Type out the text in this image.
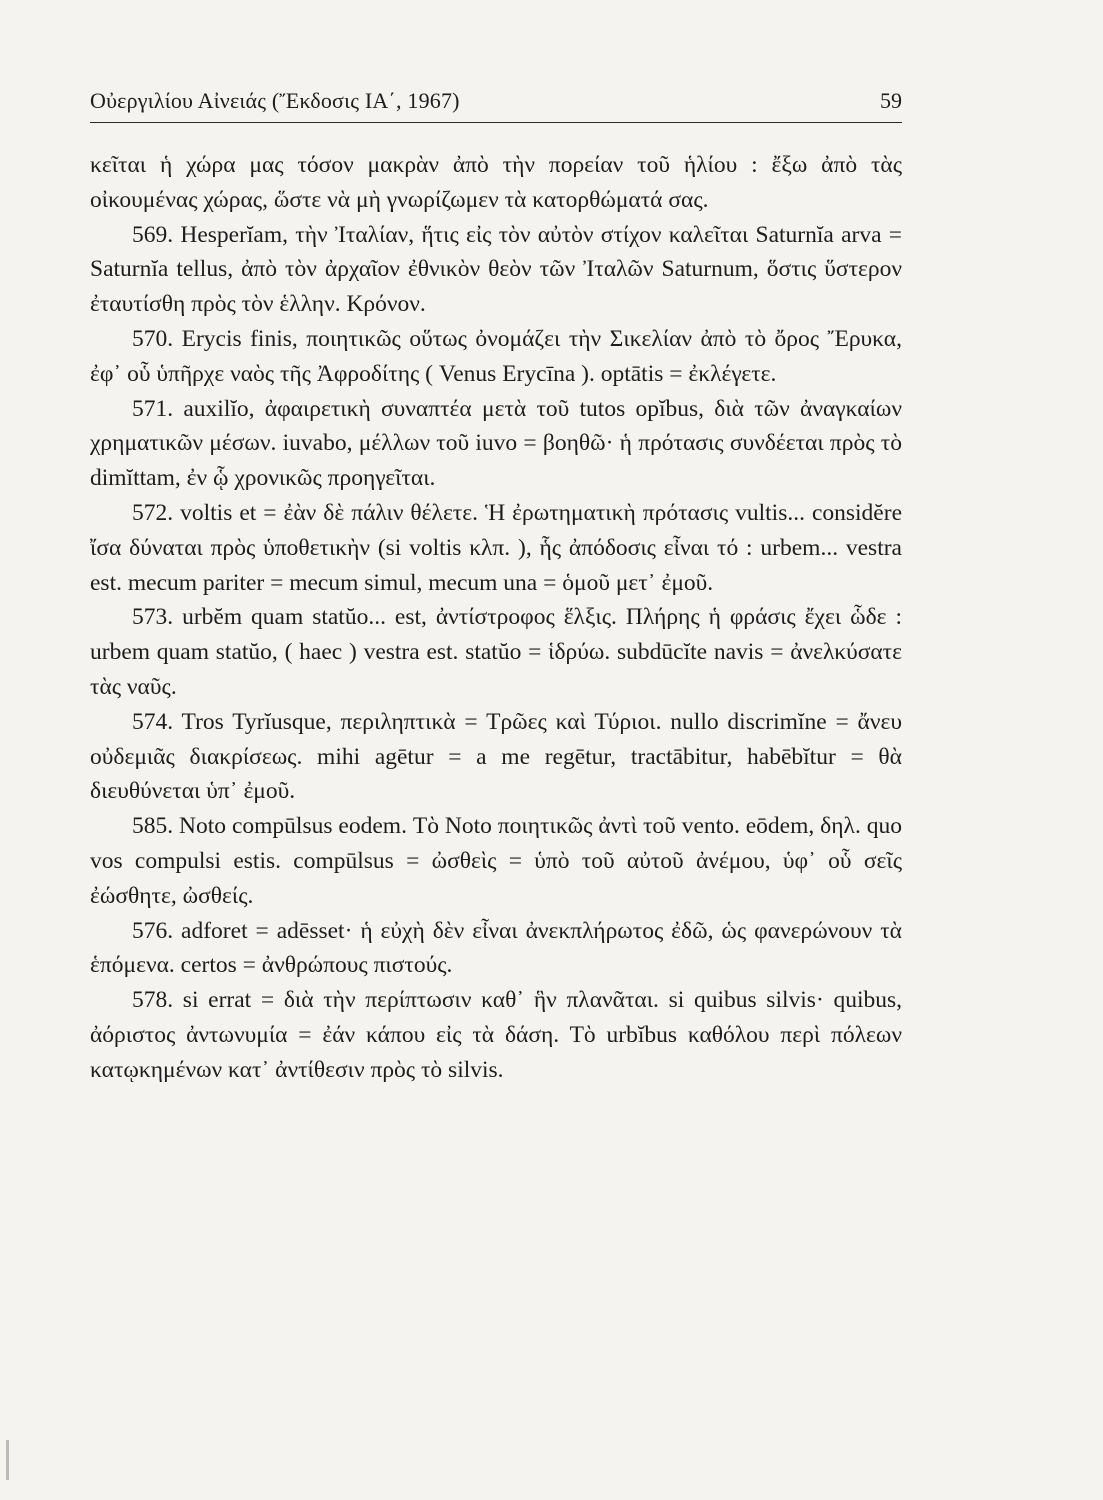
Οὐεργιλίου Αἰνειάς (Ἔκδοσις ΙΑ΄, 1967)	59

κεῖται ἡ χώρα μας τόσον μακρὰν ἀπὸ τὴν πορείαν τοῦ ἡλίου : ἔξω ἀπὸ τὰς οἰκουμένας χώρας, ὥστε νὰ μὴ γνωρίζωμεν τὰ κατορθώματά σας.

569. Hesperĭam, τὴν Ἰταλίαν, ἥτις εἰς τὸν αὐτὸν στίχον καλεῖται Saturnĭa arva = Saturnĭa tellus, ἀπὸ τὸν ἀρχαῖον ἐθνικὸν θεὸν τῶν Ἰταλῶν Saturnum, ὅστις ὕστερον ἐταυτίσθη πρὸς τὸν ἑλλην. Κρόνον.

570. Erycis finis, ποιητικῶς οὕτως ὀνομάζει τὴν Σικελίαν ἀπὸ τὸ ὄρος Ἔρυκα, ἐφ᾽ οὗ ὑπῆρχε ναὸς τῆς Ἀφροδίτης ( Venus Erycīna ). optātis = ἐκλέγετε.

571. auxilĭo, ἀφαιρετικὴ συναπτέα μετὰ τοῦ tutos opĭbus, διὰ τῶν ἀναγκαίων χρηματικῶν μέσων. iuvabo, μέλλων τοῦ iuvo = βοηθῶ· ἡ πρότασις συνδέεται πρὸς τὸ dimĭttam, ἐν ᾧ χρονικῶς προηγεῖται.

572. voltis et = ἐὰν δὲ πάλιν θέλετε. Ἡ ἐρωτηματικὴ πρότασις vultis... considĕre ἴσα δύναται πρὸς ὑποθετικὴν (si voltis κλπ. ), ἧς ἀπόδοσις εἶναι τό : urbem... vestra est. mecum pariter = mecum simul, mecum una = ὁμοῦ μετ᾽ ἐμοῦ.

573. urbĕm quam statŭo... est, ἀντίστροφος ἕλξις. Πλήρης ἡ φράσις ἔχει ὧδε : urbem quam statŭo, ( haec ) vestra est. statŭo = ἱδρύω. subdūcĭte navis = ἀνελκύσατε τὰς ναῦς.

574. Tros Tyrĭusque, περιληπτικὰ = Τρῶες καὶ Τύριοι. nullo discrimĭne = ἄνευ οὐδεμιᾶς διακρίσεως. mihi agētur = a me regētur, tractābitur, habēbĭtur = θὰ διευθύνεται ὑπ᾽ ἐμοῦ.

585. Noto compūlsus eodem. Τὸ Noto ποιητικῶς ἀντὶ τοῦ vento. eōdem, δηλ. quo vos compulsi estis. compūlsus = ὠσθεὶς = ὑπὸ τοῦ αὐτοῦ ἀνέμου, ὑφ᾽ οὗ σεῖς ἐώσθητε, ὠσθείς.

576. adforet = adēsset· ἡ εὐχὴ δὲν εἶναι ἀνεκπλήρωτος ἐδῶ, ὡς φανερώνουν τὰ ἑπόμενα. certos = ἀνθρώπους πιστούς.

578. si errat = διὰ τὴν περίπτωσιν καθ᾽ ἣν πλανᾶται. si quibus silvis· quibus, ἀόριστος ἀντωνυμία = ἐάν κάπου εἰς τὰ δάση. Τὸ urbĭbus καθόλου περὶ πόλεων κατῳκημένων κατ᾽ ἀντίθεσιν πρὸς τὸ silvis.
